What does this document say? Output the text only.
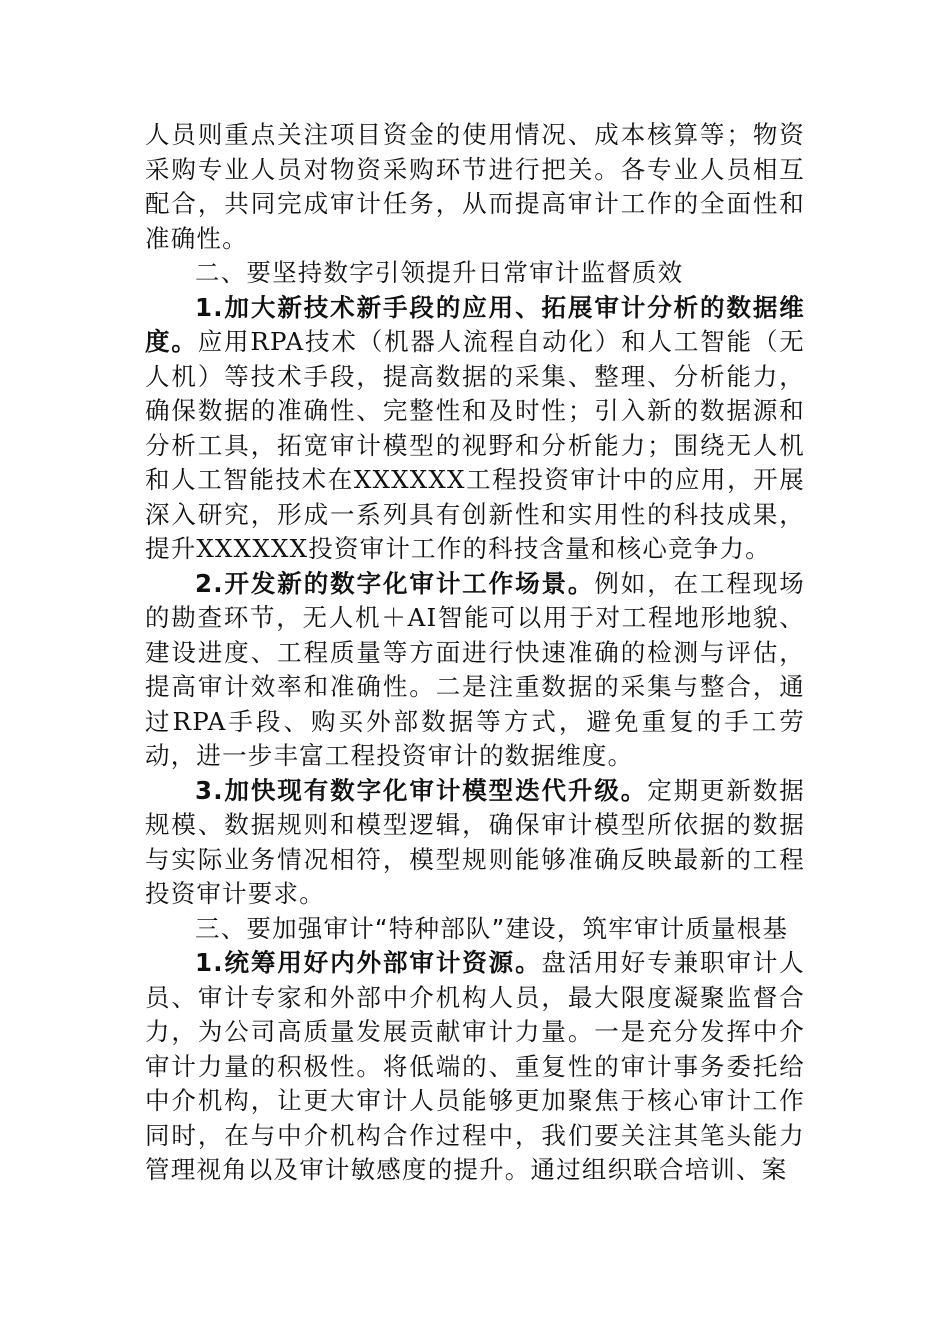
人员则重点关注项目资金的使用情况、成本核算等；物资采购专业人员对物资采购环节进行把关。各专业人员相互配合，共同完成审计任务，从而提高审计工作的全面性和准确性。

二、要坚持数字引领提升日常审计监督质效

1.加大新技术新手段的应用、拓展审计分析的数据维度。应用RPA技术（机器人流程自动化）和人工智能（无人机）等技术手段，提高数据的采集、整理、分析能力，确保数据的准确性、完整性和及时性；引入新的数据源和分析工具，拓宽审计模型的视野和分析能力；围绕无人机和人工智能技术在XXXXXX工程投资审计中的应用，开展深入研究，形成一系列具有创新性和实用性的科技成果，提升XXXXXX投资审计工作的科技含量和核心竞争力。

2.开发新的数字化审计工作场景。例如，在工程现场的勘查环节，无人机＋AI智能可以用于对工程地形地貌、建设进度、工程质量等方面进行快速准确的检测与评估，提高审计效率和准确性。二是注重数据的采集与整合，通过RPA手段、购买外部数据等方式，避免重复的手工劳动，进一步丰富工程投资审计的数据维度。

3.加快现有数字化审计模型迭代升级。定期更新数据规模、数据规则和模型逻辑，确保审计模型所依据的数据与实际业务情况相符，模型规则能够准确反映最新的工程投资审计要求。

三、要加强审计“特种部队”建设，筑牢审计质量根基

1.统筹用好内外部审计资源。盘活用好专兼职审计人员、审计专家和外部中介机构人员，最大限度凝聚监督合力，为公司高质量发展贡献审计力量。一是充分发挥中介审计力量的积极性。将低端的、重复性的审计事务委托给中介机构，让更大审计人员能够更加聚焦于核心审计工作同时，在与中介机构合作过程中，我们要关注其笔头能力管理视角以及审计敏感度的提升。通过组织联合培训、案
